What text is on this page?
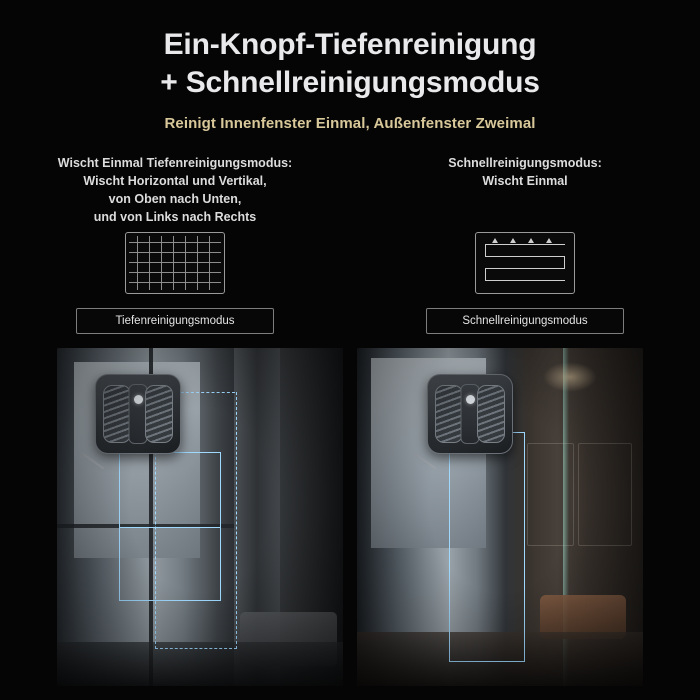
Ein-Knopf-Tiefenreinigung
+ Schnellreinigungsmodus
Reinigt Innenfenster Einmal, Außenfenster Zweimal
Wischt Einmal Tiefenreinigungsmodus:
Wischt Horizontal und Vertikal,
von Oben nach Unten,
und von Links nach Rechts
Tiefenreinigungsmodus
Schnellreinigungsmodus:
Wischt Einmal
Schnellreinigungsmodus
